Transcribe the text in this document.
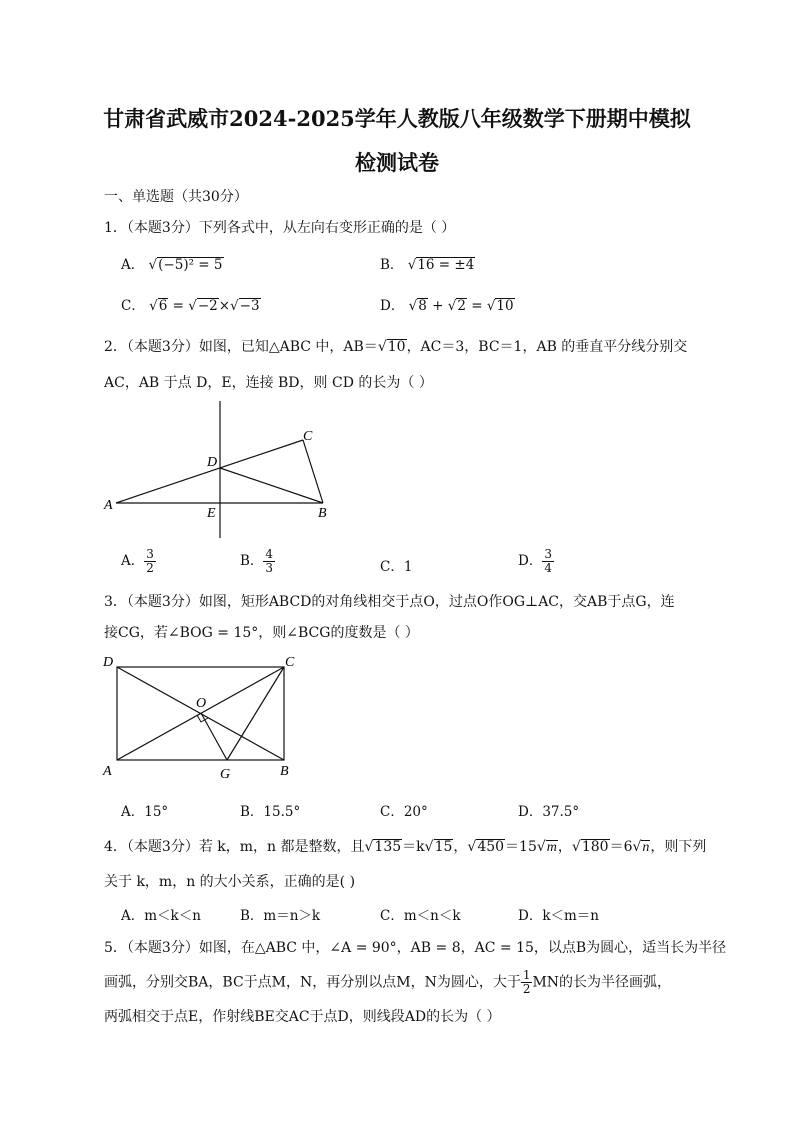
甘肃省武威市2024-2025学年人教版八年级数学下册期中模拟
检测试卷
一、单选题（共30分）
1．（本题3分）下列各式中，从左向右变形正确的是（ ）
A． √(−5)² = 5	B． √16 = ±4
C． √6 = √−2×√−3	D． √8 + √2 = √10
2．（本题3分）如图，已知△ABC 中，AB＝√10，AC＝3，BC＝1，AB 的垂直平分线分别交
AC，AB 于点 D，E，连接 BD，则 CD 的长为（ ）
A
B
C
D
E
A． $\frac{3}{2}$	B． $\frac{4}{3}$	C．1	D． $\frac{3}{4}$
3．（本题3分）如图，矩形ABCD的对角线相交于点O，过点O作OG⊥AC，交AB于点G，连
接CG，若∠BOG = 15°，则∠BCG的度数是（ ）
A	B
C
D
O
G
A．15°	B．15.5°	C．20°	D．37.5°
4．（本题3分）若 k，m，n 都是整数，且√135＝k√15，√450＝15√m，√180＝6√n，则下列
关于 k，m，n 的大小关系，正确的是( )
A．m＜k＜n	B．m＝n＞k	C．m＜n＜k	D．k＜m＝n
5．（本题3分）如图，在△ABC 中，∠A = 90°，AB = 8，AC = 15，以点B为圆心，适当长为半径
画弧，分别交BA，BC于点M，N，再分别以点M，N为圆心，大于 $\frac{1}{2}$ MN的长为半径画弧，
两弧相交于点E，作射线BE交AC于点D，则线段AD的长为（ ）
